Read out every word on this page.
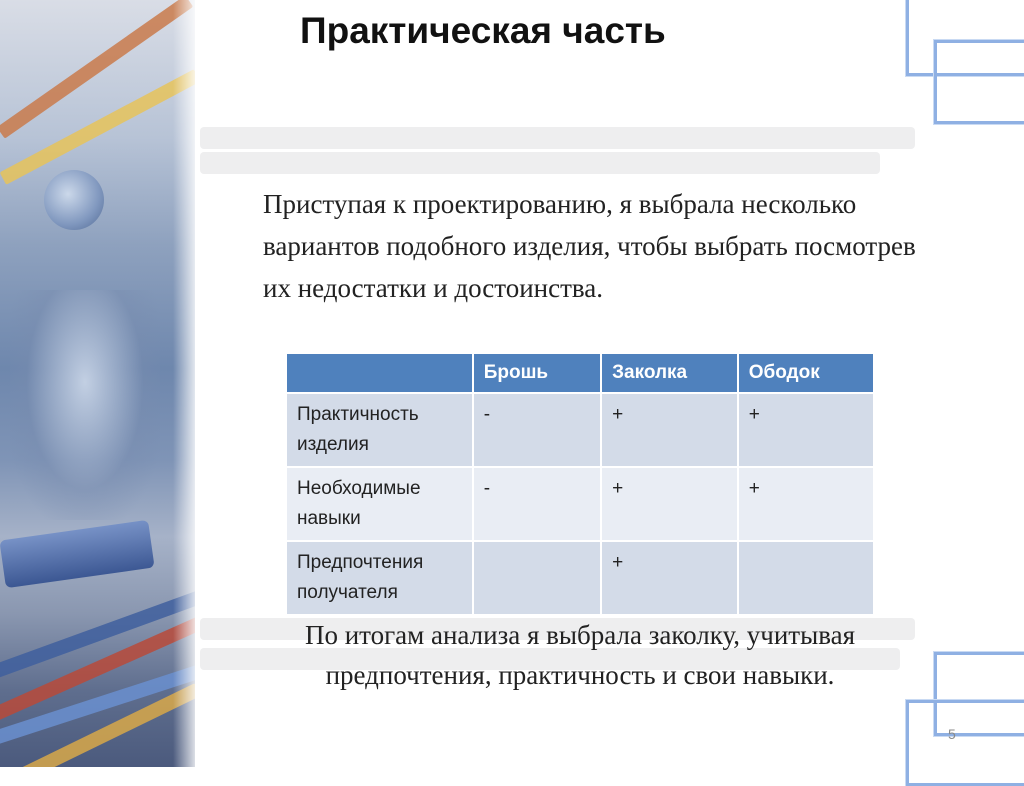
Практическая часть
Приступая к проектированию, я выбрала несколько вариантов подобного изделия, чтобы выбрать посмотрев их недостатки и достоинства.
	Брошь	Заколка	Ободок
Практичность изделия	-	+	+
Необходимые навыки	-	+	+
Предпочтения получателя		+	
По итогам анализа я выбрала заколку, учитывая предпочтения, практичность и свои навыки.
5
